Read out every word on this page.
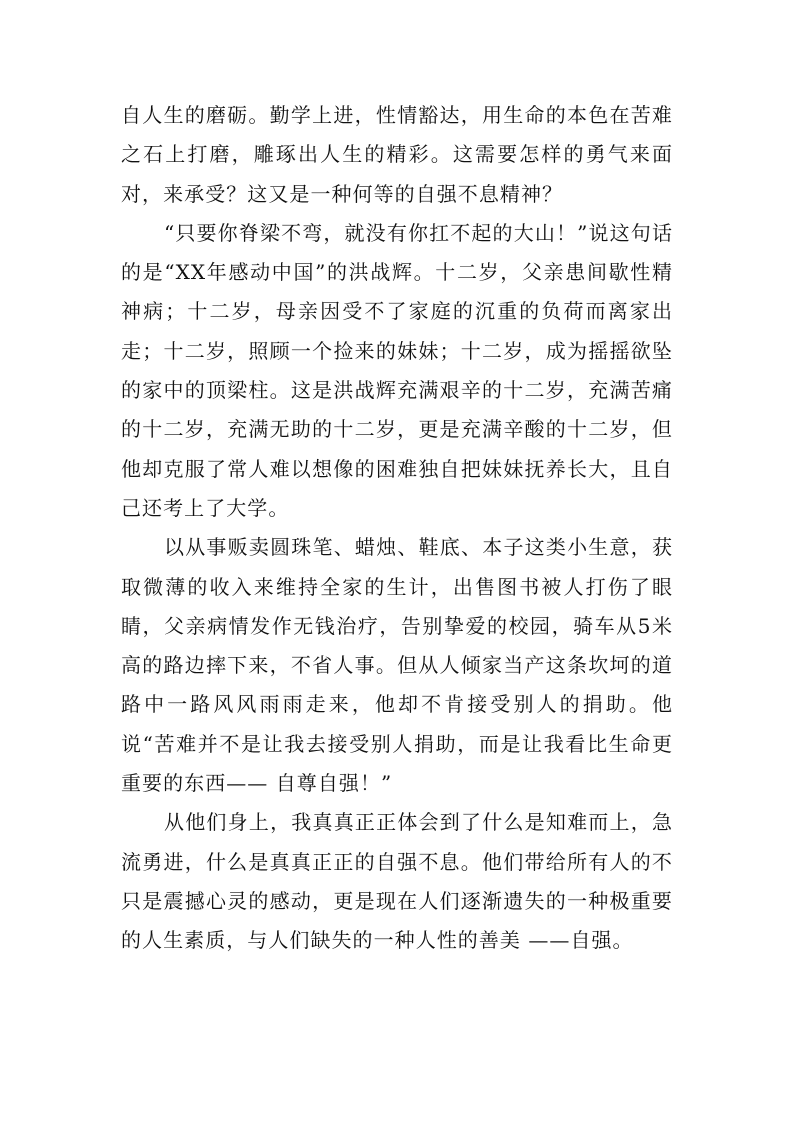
自人生的磨砺。勤学上进，性情豁达，用生命的本色在苦难之石上打磨，雕琢出人生的精彩。这需要怎样的勇气来面对，来承受？这又是一种何等的自强不息精神？

“只要你脊梁不弯，就没有你扛不起的大山！”说这句话的是“XX年感动中国”的洪战辉。十二岁，父亲患间歇性精神病；十二岁，母亲因受不了家庭的沉重的负荷而离家出走；十二岁，照顾一个捡来的妹妹；十二岁，成为摇摇欲坠的家中的顶梁柱。这是洪战辉充满艰辛的十二岁，充满苦痛的十二岁，充满无助的十二岁，更是充满辛酸的十二岁，但他却克服了常人难以想像的困难独自把妹妹抚养长大，且自己还考上了大学。

以从事贩卖圆珠笔、蜡烛、鞋底、本子这类小生意，获取微薄的收入来维持全家的生计，出售图书被人打伤了眼睛，父亲病情发作无钱治疗，告别挚爱的校园，骑车从5米高的路边摔下来，不省人事。但从人倾家当产这条坎坷的道路中一路风风雨雨走来，他却不肯接受别人的捐助。他说“苦难并不是让我去接受别人捐助，而是让我看比生命更重要的东西—— 自尊自强！”

从他们身上，我真真正正体会到了什么是知难而上，急流勇进，什么是真真正正的自强不息。他们带给所有人的不只是震撼心灵的感动，更是现在人们逐渐遗失的一种极重要的人生素质，与人们缺失的一种人性的善美 ——自强。
